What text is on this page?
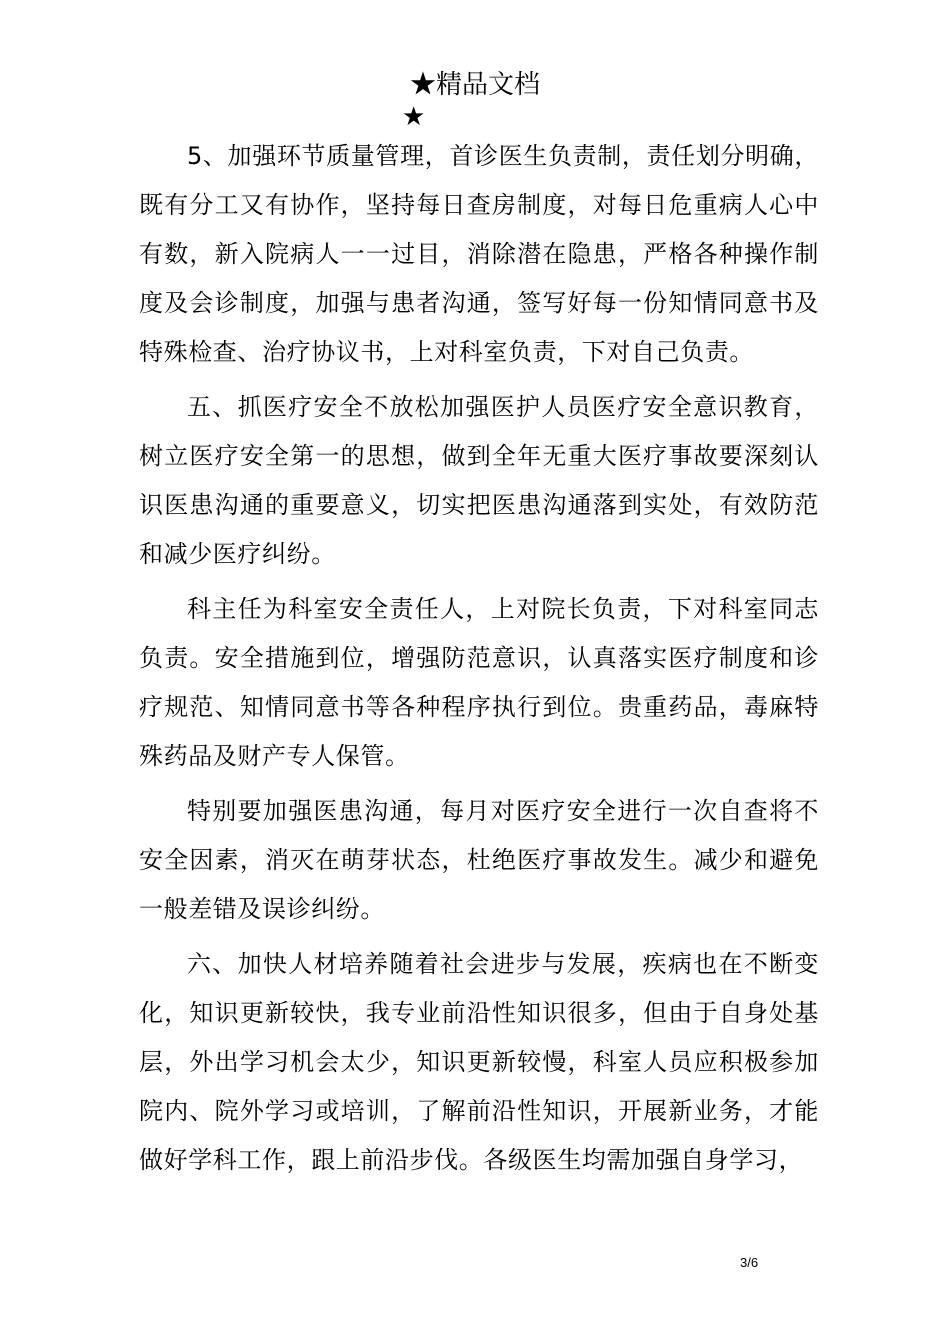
★精品文档
★

5、加强环节质量管理，首诊医生负责制，责任划分明确，既有分工又有协作，坚持每日查房制度，对每日危重病人心中有数，新入院病人一一过目，消除潜在隐患，严格各种操作制度及会诊制度，加强与患者沟通，签写好每一份知情同意书及特殊检查、治疗协议书，上对科室负责，下对自己负责。

五、抓医疗安全不放松加强医护人员医疗安全意识教育，树立医疗安全第一的思想，做到全年无重大医疗事故要深刻认识医患沟通的重要意义，切实把医患沟通落到实处，有效防范和减少医疗纠纷。

科主任为科室安全责任人，上对院长负责，下对科室同志负责。安全措施到位，增强防范意识，认真落实医疗制度和诊疗规范、知情同意书等各种程序执行到位。贵重药品，毒麻特殊药品及财产专人保管。

特别要加强医患沟通，每月对医疗安全进行一次自查将不安全因素，消灭在萌芽状态，杜绝医疗事故发生。减少和避免一般差错及误诊纠纷。

六、加快人材培养随着社会进步与发展，疾病也在不断变化，知识更新较快，我专业前沿性知识很多，但由于自身处基层，外出学习机会太少，知识更新较慢，科室人员应积极参加院内、院外学习或培训，了解前沿性知识，开展新业务，才能做好学科工作，跟上前沿步伐。各级医生均需加强自身学习，

3/6
